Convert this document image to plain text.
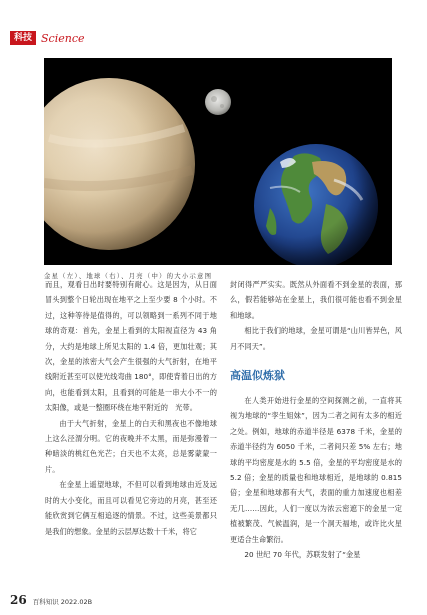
科技 Science
金星（左）、地球（右）、月亮（中）的大小示意图

而且，观看日出时要特别有耐心。这是因为，从日面冒头到整个日轮出现在地平之上至少要 8 个小时。不过，这种等待是值得的，可以领略到一系列不同于地球的奇观：首先，金星上看到的太阳视直径为 43 角分，大约是地球上所见太阳的 1.4 倍，更加壮观；其次，金星的浓密大气会产生很强的大气折射，在地平线附近甚至可以使光线弯曲 180°，即使背着日出的方向，也能看到太阳，且看到的可能是一串大小不一的太阳像，或是一整圈环绕在地平附近的　光带。

由于大气折射，金星上的白天和黑夜也不像地球上这么泾渭分明。它的夜晚并不太黑，而是弥漫着一种暗淡的桃红色光芒；白天也不太亮，总是雾蒙蒙一片。

在金星上遥望地球，不但可以看到地球由近及远时的大小变化，而且可以看见它旁边的月亮，甚至还能欣赏到它俩互相追逐的情景。不过，这些美景都只是我们的想象。金星的云层厚达数十千米，将它

封闭得严严实实。既然从外面看不到金星的表面，那么，假若能够站在金星上，我们很可能也看不到金星和地球。

相比于我们的地球，金星可谓是“山川皆异色，风月不同天”。

高温似炼狱

在人类开始进行金星的空间探测之前，一直将其视为地球的“孪生姐妹”，因为二者之间有太多的相近之处。例如，地球的赤道半径是 6378 千米，金星的赤道半径约为 6050 千米，二者间只差 5% 左右；地球的平均密度是水的 5.5 倍，金星的平均密度是水的 5.2 倍；金星的质量也和地球相近，是地球的 0.815 倍；金星和地球都有大气，表面的重力加速度也相差无几……因此，人们一度以为浓云密遮下的金星一定植被繁茂、气候温润，是一个洞天福地，或许比火星更适合生命繁衍。

20 世纪 70 年代，苏联发射了“金星

26 百科知识 2022.02B
